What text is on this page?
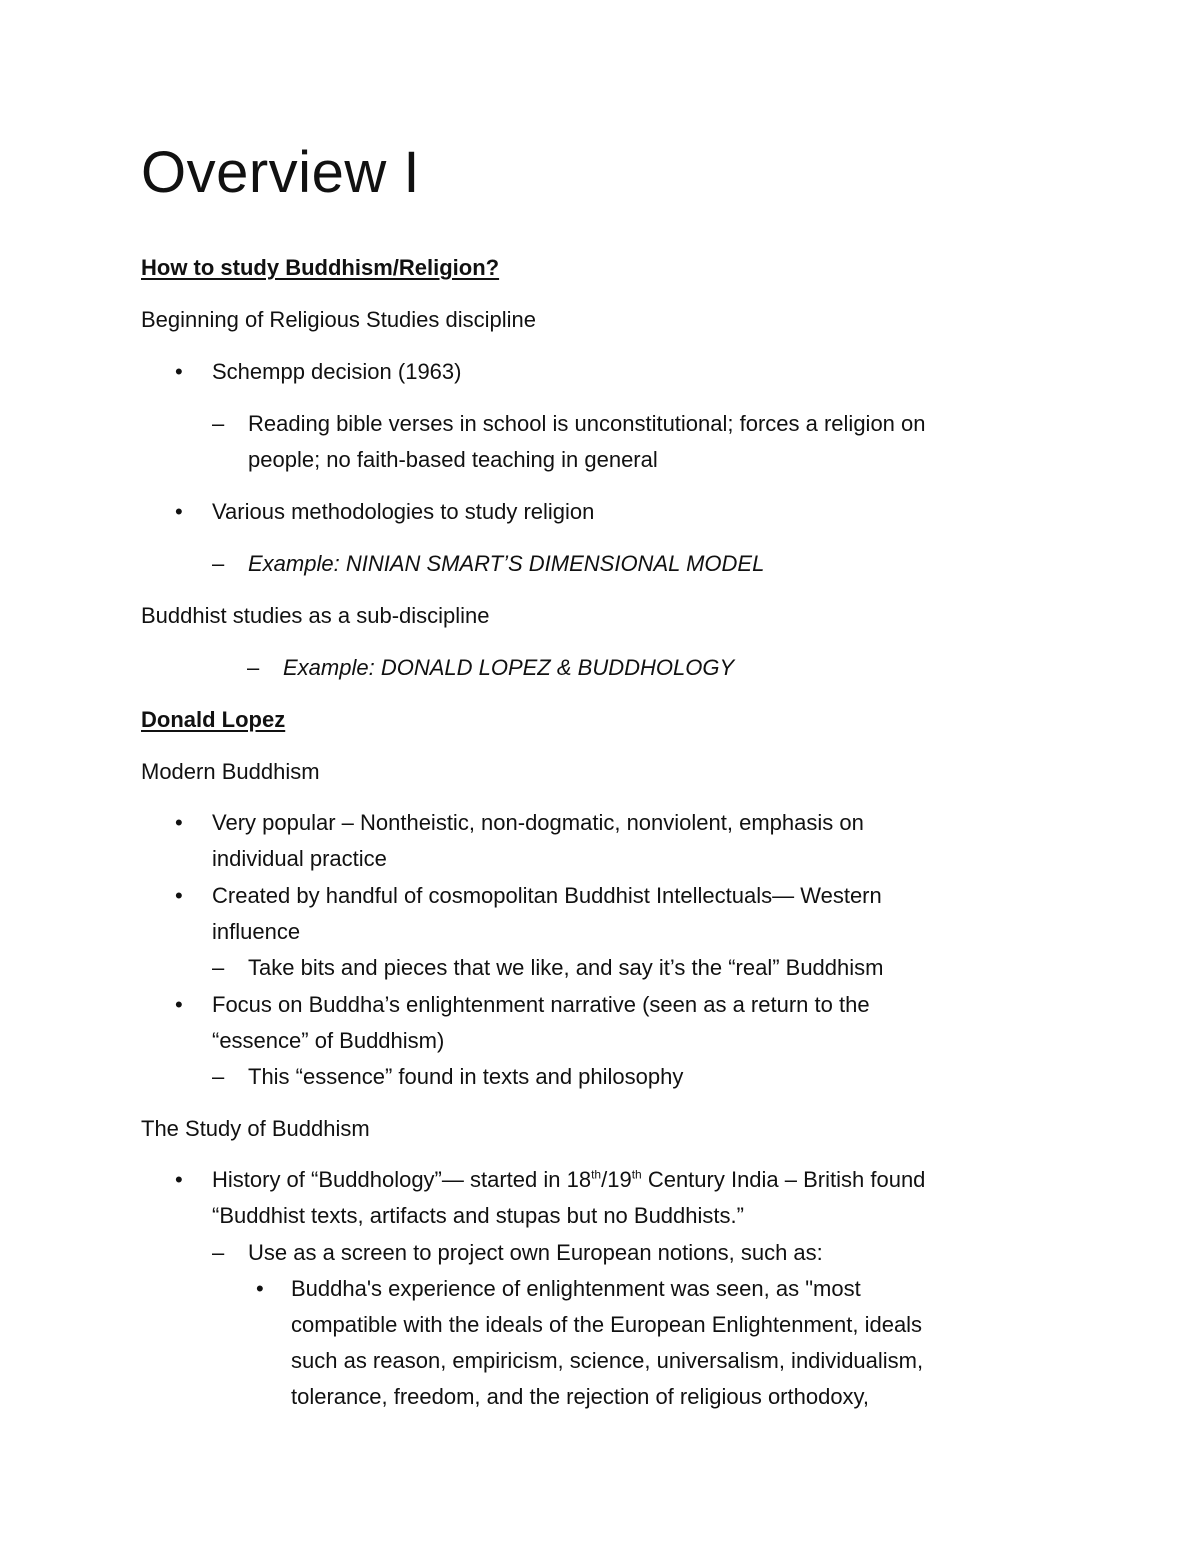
Overview I
How to study Buddhism/Religion?
Beginning of Religious Studies discipline
• Schempp decision (1963)
– Reading bible verses in school is unconstitutional; forces a religion on
people; no faith-based teaching in general
• Various methodologies to study religion
– Example: NINIAN SMART’S DIMENSIONAL MODEL
Buddhist studies as a sub-discipline
– Example: DONALD LOPEZ & BUDDHOLOGY
Donald Lopez
Modern Buddhism
• Very popular – Nontheistic, non-dogmatic, nonviolent, emphasis on
individual practice
• Created by handful of cosmopolitan Buddhist Intellectuals— Western
influence
– Take bits and pieces that we like, and say it’s the “real” Buddhism
• Focus on Buddha’s enlightenment narrative (seen as a return to the
“essence” of Buddhism)
– This “essence” found in texts and philosophy
The Study of Buddhism
• History of “Buddhology”— started in 18th/19th Century India – British found
“Buddhist texts, artifacts and stupas but no Buddhists.”
– Use as a screen to project own European notions, such as:
• Buddha's experience of enlightenment was seen, as "most
compatible with the ideals of the European Enlightenment, ideals
such as reason, empiricism, science, universalism, individualism,
tolerance, freedom, and the rejection of religious orthodoxy,
